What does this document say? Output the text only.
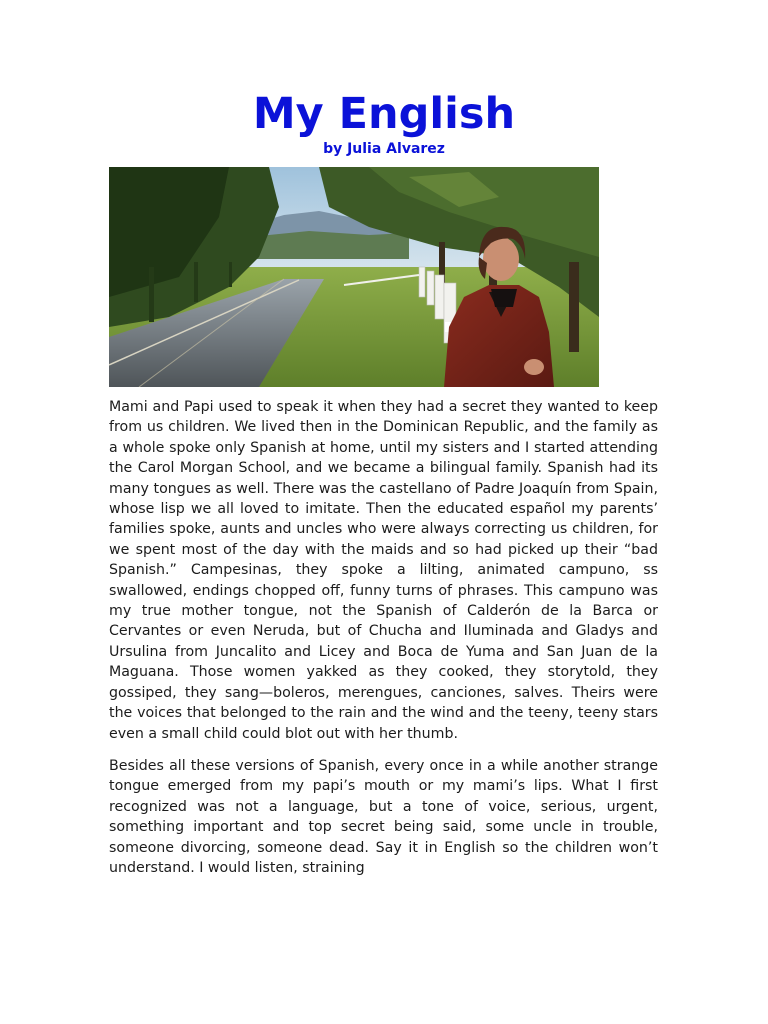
My English
by Julia Alvarez

Mami and Papi used to speak it when they had a secret they wanted to keep from us children. We lived then in the Dominican Republic, and the family as a whole spoke only Spanish at home, until my sisters and I started attending the Carol Morgan School, and we became a bilingual family. Spanish had its many tongues as well. There was the castellano of Padre Joaquín from Spain, whose lisp we all loved to imitate. Then the educated español my parents’ families spoke, aunts and uncles who were always correcting us children, for we spent most of the day with the maids and so had picked up their “bad Spanish.” Campesinas, they spoke a lilting, animated campuno, ss swallowed, endings chopped off, funny turns of phrases. This campuno was my true mother tongue, not the Spanish of Calderón de la Barca or Cervantes or even Neruda, but of Chucha and Iluminada and Gladys and Ursulina from Juncalito and Licey and Boca de Yuma and San Juan de la Maguana. Those women yakked as they cooked, they storytold, they gossiped, they sang—boleros, merengues, canciones, salves. Theirs were the voices that belonged to the rain and the wind and the teeny, teeny stars even a small child could blot out with her thumb.

Besides all these versions of Spanish, every once in a while another strange tongue emerged from my papi’s mouth or my mami’s lips. What I first recognized was not a language, but a tone of voice, serious, urgent, something important and top secret being said, some uncle in trouble, someone divorcing, someone dead. Say it in English so the children won’t understand. I would listen, straining
